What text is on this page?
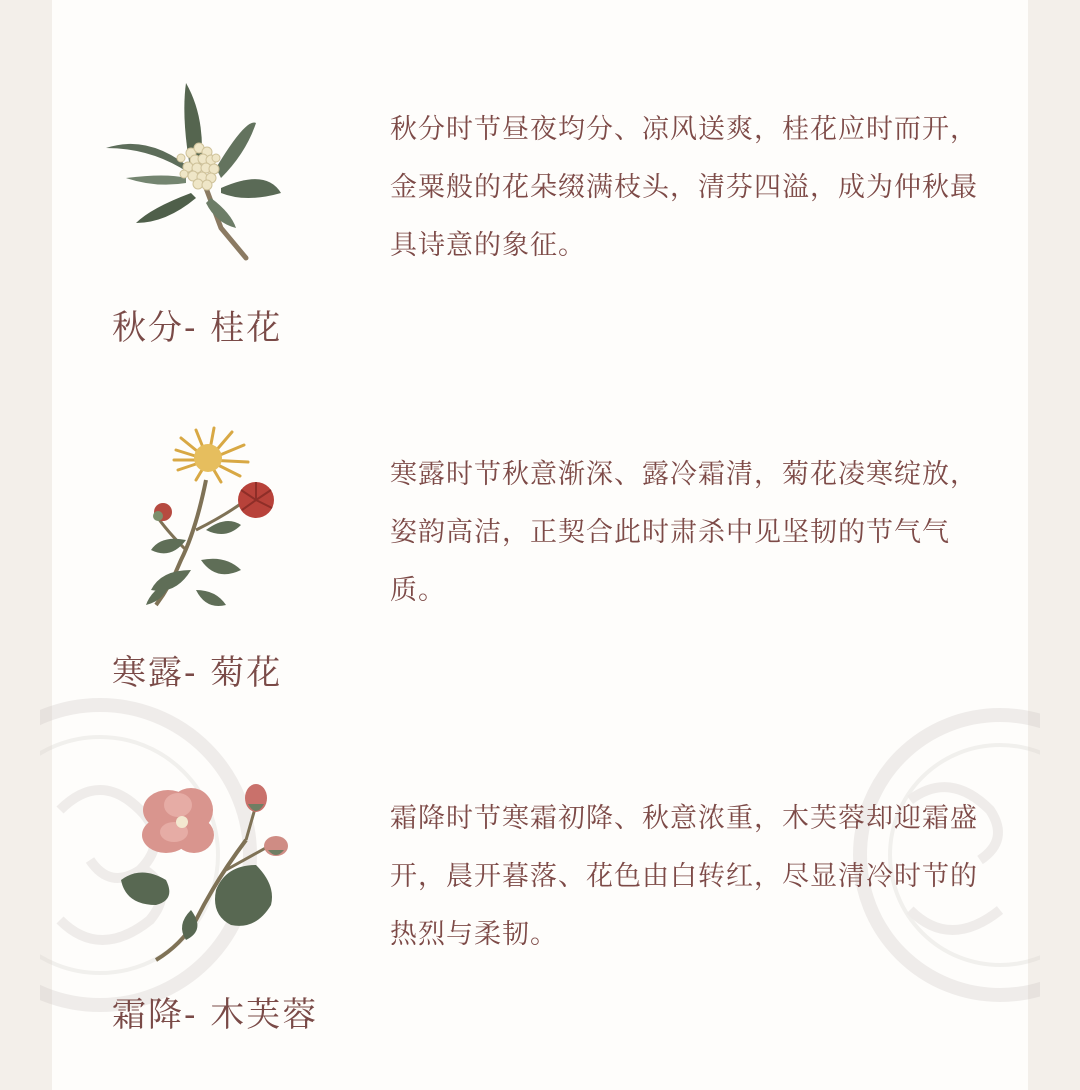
秋分时节昼夜均分、凉风送爽，桂花应时而开，金粟般的花朵缀满枝头，清芬四溢，成为仲秋最具诗意的象征。
秋分- 桂花
寒露时节秋意渐深、露冷霜清，菊花凌寒绽放，姿韵高洁，正契合此时肃杀中见坚韧的节气气质。
寒露- 菊花
霜降时节寒霜初降、秋意浓重，木芙蓉却迎霜盛开，晨开暮落、花色由白转红，尽显清冷时节的热烈与柔韧。
霜降- 木芙蓉
